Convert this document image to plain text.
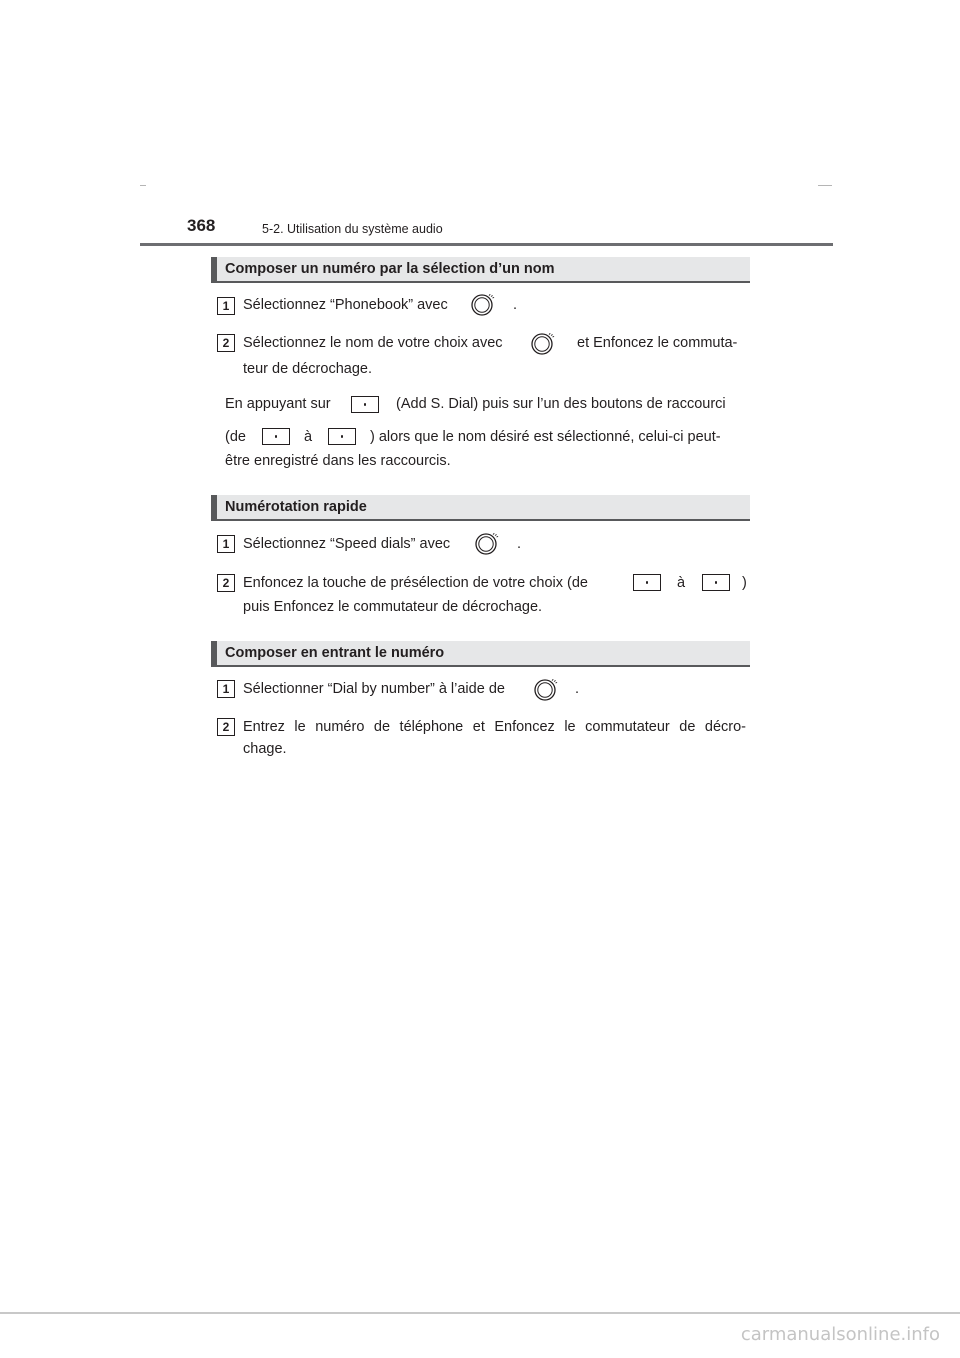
368	5-2. Utilisation du système audio
Composer un numéro par la sélection d’un nom
1 Sélectionnez “Phonebook” avec	.
2 Sélectionnez le nom de votre choix avec	et Enfoncez le commuta-
teur de décrochage.
En appuyant sur	(Add S. Dial) puis sur l’un des boutons de raccourci
(de	à	) alors que le nom désiré est sélectionné, celui-ci peut-
être enregistré dans les raccourcis.
Numérotation rapide
1 Sélectionnez “Speed dials” avec	.
2 Enfoncez la touche de présélection de votre choix (de	à	)
puis Enfoncez le commutateur de décrochage.
Composer en entrant le numéro
1 Sélectionner “Dial by number” à l’aide de	.
2 Entrez le numéro de téléphone et Enfoncez le commutateur de décro-
chage.
carmanualsonline.info
